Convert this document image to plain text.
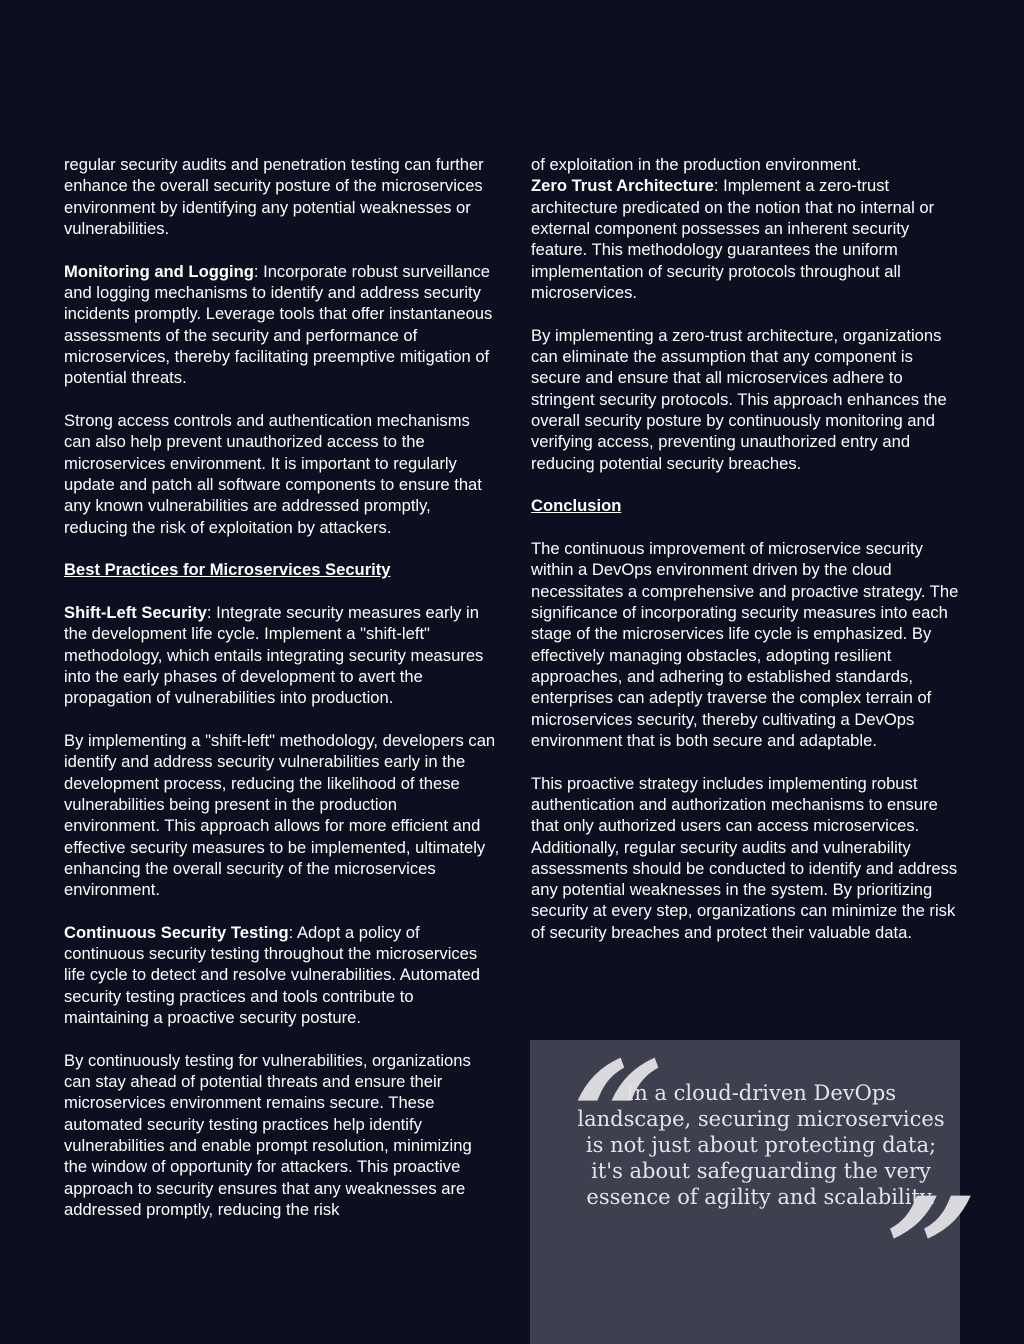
regular security audits and penetration testing can further enhance the overall security posture of the microservices environment by identifying any potential weaknesses or vulnerabilities.

Monitoring and Logging: Incorporate robust surveillance and logging mechanisms to identify and address security incidents promptly. Leverage tools that offer instantaneous assessments of the security and performance of microservices, thereby facilitating preemptive mitigation of potential threats.

Strong access controls and authentication mechanisms can also help prevent unauthorized access to the microservices environment. It is important to regularly update and patch all software components to ensure that any known vulnerabilities are addressed promptly, reducing the risk of exploitation by attackers.

Best Practices for Microservices Security

Shift-Left Security: Integrate security measures early in the development life cycle. Implement a "shift-left" methodology, which entails integrating security measures into the early phases of development to avert the propagation of vulnerabilities into production.

By implementing a "shift-left" methodology, developers can identify and address security vulnerabilities early in the development process, reducing the likelihood of these vulnerabilities being present in the production environment. This approach allows for more efficient and effective security measures to be implemented, ultimately enhancing the overall security of the microservices environment.

Continuous Security Testing: Adopt a policy of continuous security testing throughout the microservices life cycle to detect and resolve vulnerabilities. Automated security testing practices and tools contribute to maintaining a proactive security posture.

By continuously testing for vulnerabilities, organizations can stay ahead of potential threats and ensure their microservices environment remains secure. These automated security testing practices help identify vulnerabilities and enable prompt resolution, minimizing the window of opportunity for attackers. This proactive approach to security ensures that any weaknesses are addressed promptly, reducing the risk

of exploitation in the production environment.

Zero Trust Architecture: Implement a zero-trust architecture predicated on the notion that no internal or external component possesses an inherent security feature. This methodology guarantees the uniform implementation of security protocols throughout all microservices.

By implementing a zero-trust architecture, organizations can eliminate the assumption that any component is secure and ensure that all microservices adhere to stringent security protocols. This approach enhances the overall security posture by continuously monitoring and verifying access, preventing unauthorized entry and reducing potential security breaches.

Conclusion

The continuous improvement of microservice security within a DevOps environment driven by the cloud necessitates a comprehensive and proactive strategy. The significance of incorporating security measures into each stage of the microservices life cycle is emphasized. By effectively managing obstacles, adopting resilient approaches, and adhering to established standards, enterprises can adeptly traverse the complex terrain of microservices security, thereby cultivating a DevOps environment that is both secure and adaptable.

This proactive strategy includes implementing robust authentication and authorization mechanisms to ensure that only authorized users can access microservices. Additionally, regular security audits and vulnerability assessments should be conducted to identify and address any potential weaknesses in the system. By prioritizing security at every step, organizations can minimize the risk of security breaches and protect their valuable data.

“
In a cloud-driven DevOps landscape, securing microservices is not just about protecting data; it's about safeguarding the very essence of agility and scalability.
”
